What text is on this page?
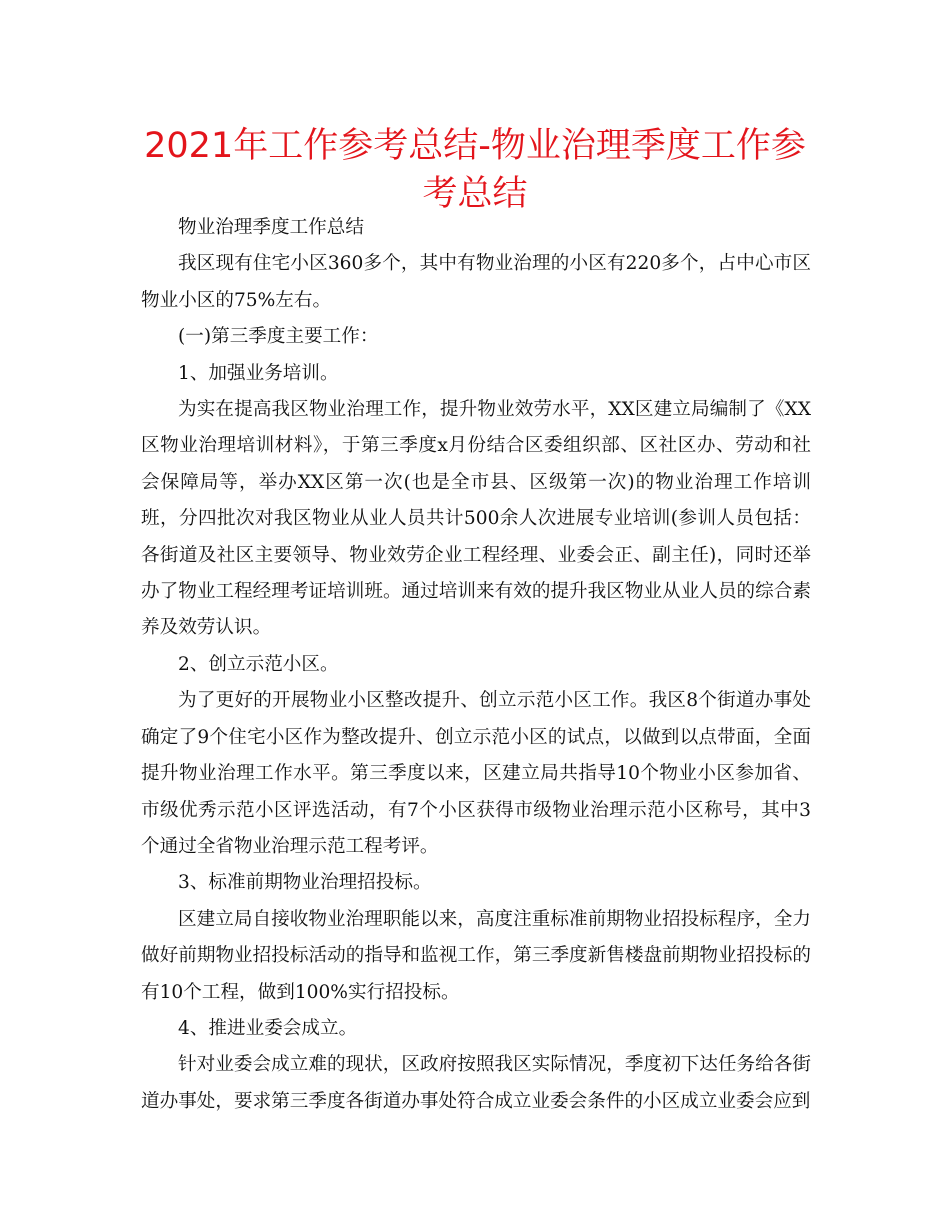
2021年工作参考总结-物业治理季度工作参考总结

物业治理季度工作总结

我区现有住宅小区360多个，其中有物业治理的小区有220多个，占中心市区物业小区的75%左右。

(一)第三季度主要工作：

1、加强业务培训。

为实在提高我区物业治理工作，提升物业效劳水平，XX区建立局编制了《XX区物业治理培训材料》，于第三季度x月份结合区委组织部、区社区办、劳动和社会保障局等，举办XX区第一次(也是全市县、区级第一次)的物业治理工作培训班，分四批次对我区物业从业人员共计500余人次进展专业培训(参训人员包括：各街道及社区主要领导、物业效劳企业工程经理、业委会正、副主任)，同时还举办了物业工程经理考证培训班。通过培训来有效的提升我区物业从业人员的综合素养及效劳认识。

2、创立示范小区。

为了更好的开展物业小区整改提升、创立示范小区工作。我区8个街道办事处确定了9个住宅小区作为整改提升、创立示范小区的试点，以做到以点带面，全面提升物业治理工作水平。第三季度以来，区建立局共指导10个物业小区参加省、市级优秀示范小区评选活动，有7个小区获得市级物业治理示范小区称号，其中3个通过全省物业治理示范工程考评。

3、标准前期物业治理招投标。

区建立局自接收物业治理职能以来，高度注重标准前期物业招投标程序，全力做好前期物业招投标活动的指导和监视工作，第三季度新售楼盘前期物业招投标的有10个工程，做到100%实行招投标。

4、推进业委会成立。

针对业委会成立难的现状，区政府按照我区实际情况，季度初下达任务给各街道办事处，要求第三季度各街道办事处符合成立业委会条件的小区成立业委会应到
